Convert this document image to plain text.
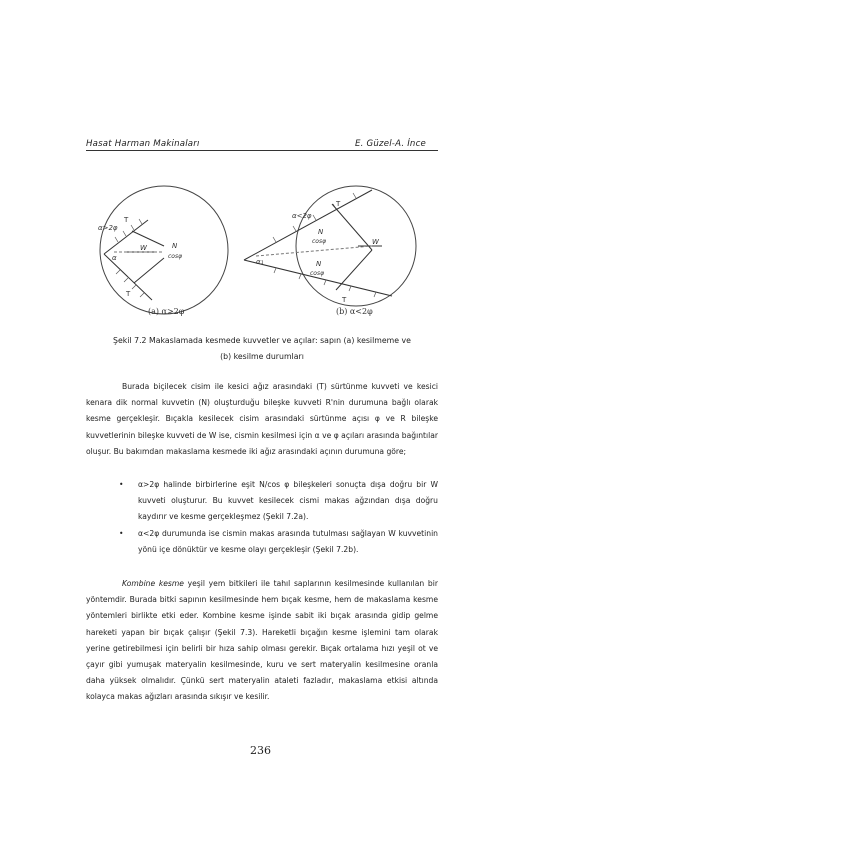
Hasat Harman Makinaları	E. Güzel-A. İnce
α>2φ
T
T
N
cosφ
W
α
(a) α>2φ
α<2φ
T
T
N
cosφ
N
cosφ
W
α₁
(b) α<2φ
Şekil 7.2 Makaslamada kesmede kuvvetler ve açılar: sapın (a) kesilmeme ve
(b) kesilme durumları
Burada biçilecek cisim ile kesici ağız arasındaki (T) sürtünme kuvveti ve kesici kenara dik normal kuvvetin (N) oluşturduğu bileşke kuvveti R'nin durumuna bağlı olarak kesme gerçekleşir. Bıçakla kesilecek cisim arasındaki sürtünme açısı φ ve R bileşke kuvvetlerinin bileşke kuvveti de W ise, cismin kesilmesi için α ve φ açıları arasında bağıntılar oluşur. Bu bakımdan makaslama kesmede iki ağız arasındaki açının durumuna göre;
• α>2φ halinde birbirlerine eşit N/cos φ bileşkeleri sonuçta dışa doğru bir W kuvveti oluşturur. Bu kuvvet kesilecek cismi makas ağzından dışa doğru kaydırır ve kesme gerçekleşmez (Şekil 7.2a).
• α<2φ durumunda ise cismin makas arasında tutulması sağlayan W kuvvetinin yönü içe dönüktür ve kesme olayı gerçekleşir (Şekil 7.2b).
Kombine kesme yeşil yem bitkileri ile tahıl saplarının kesilmesinde kullanılan bir yöntemdir. Burada bitki sapının kesilmesinde hem bıçak kesme, hem de makaslama kesme yöntemleri birlikte etki eder. Kombine kesme işinde sabit iki bıçak arasında gidip gelme hareketi yapan bir bıçak çalışır (Şekil 7.3). Hareketli bıçağın kesme işlemini tam olarak yerine getirebilmesi için belirli bir hıza sahip olması gerekir. Bıçak ortalama hızı yeşil ot ve çayır gibi yumuşak materyalin kesilmesinde, kuru ve sert materyalin kesilmesine oranla daha yüksek olmalıdır. Çünkü sert materyalin ataleti fazladır, makaslama etkisi altında kolayca makas ağızları arasında sıkışır ve kesilir.
236
